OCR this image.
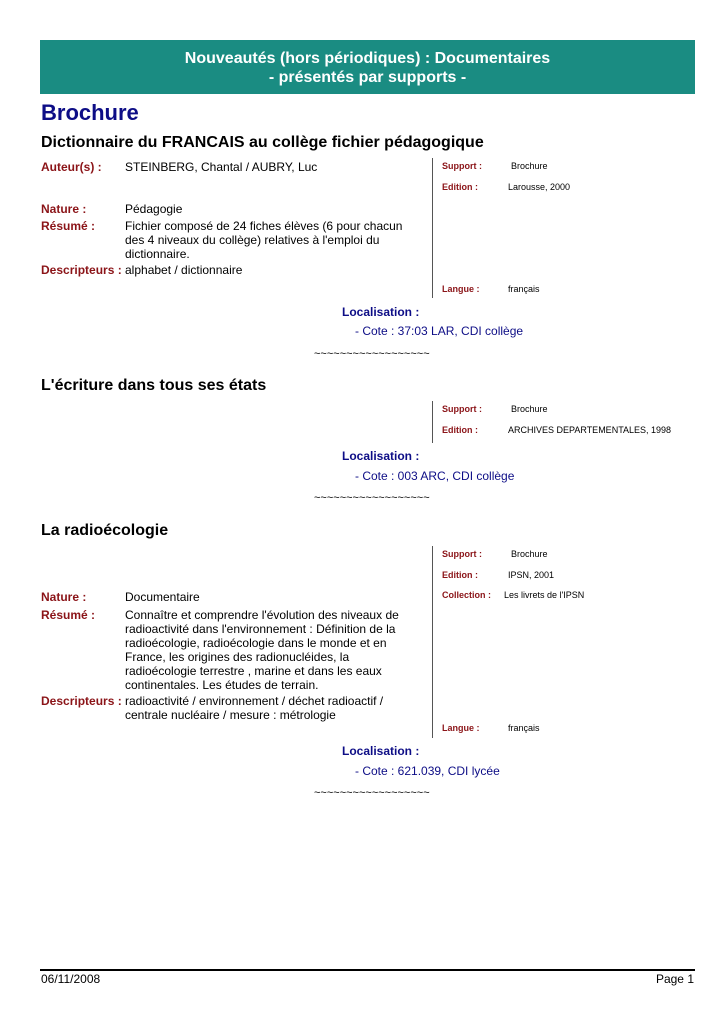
Nouveautés (hors périodiques) : Documentaires
- présentés par supports -
Brochure
Dictionnaire du FRANCAIS au collège fichier pédagogique
Auteur(s) : STEINBERG, Chantal / AUBRY, Luc
Nature :	Pédagogie
Résumé : Fichier composé de 24 fiches élèves (6 pour chacun
des 4 niveaux du collège) relatives à l'emploi du
dictionnaire.
Descripteurs : alphabet / dictionnaire
Support :	Brochure
Edition :	Larousse, 2000
Langue :	français
Localisation :
- Cote : 37:03 LAR, CDI collège
~~~~~~~~~~~~~~~~~~
L'écriture dans tous ses états
Support :	Brochure
Edition :	ARCHIVES DEPARTEMENTALES, 1998
Localisation :
- Cote : 003 ARC, CDI collège
~~~~~~~~~~~~~~~~~~
La radioécologie
Support :	Brochure
Edition :	IPSN, 2001
Collection : Les livrets de l'IPSN
Nature :	Documentaire
Résumé : Connaître et comprendre l'évolution des niveaux de
radioactivité dans l'environnement : Définition de la
radioécologie, radioécologie dans le monde et en
France, les origines des radionucléides, la
radioécologie terrestre , marine et dans les eaux
continentales. Les études de terrain.
Descripteurs : radioactivité / environnement / déchet radioactif /
centrale nucléaire / mesure : métrologie
Langue :	français
Localisation :
- Cote : 621.039, CDI lycée
~~~~~~~~~~~~~~~~~~
06/11/2008	Page 1
